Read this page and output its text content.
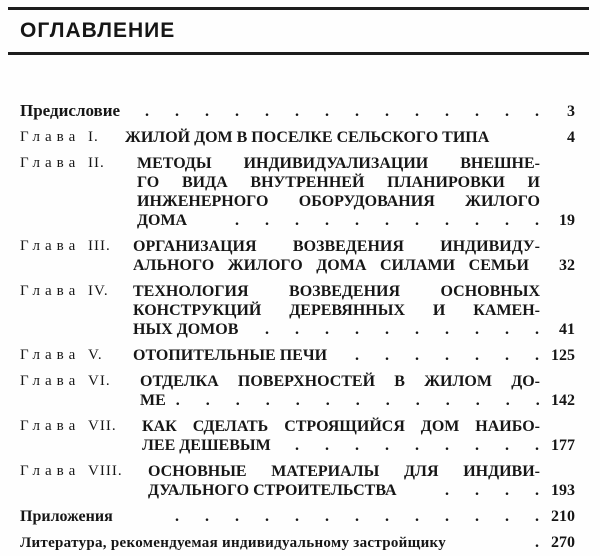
ОГЛАВЛЕНИЕ
Предисловие	. . . . . . . . . . . . . .	3
Глава I. ЖИЛОЙ ДОМ В ПОСЕЛКЕ СЕЛЬСКОГО ТИПА	4
Глава II. МЕТОДЫ ИНДИВИДУАЛИЗАЦИИ ВНЕШНЕ-
ГО ВИДА ВНУТРЕННЕЙ ПЛАНИРОВКИ И
ИНЖЕНЕРНОГО ОБОРУДОВАНИЯ ЖИЛОГО
ДОМА	. . . . . . . . . . .	19
Глава III. ОРГАНИЗАЦИЯ ВОЗВЕДЕНИЯ ИНДИВИДУ-
АЛЬНОГО ЖИЛОГО ДОМА СИЛАМИ СЕМЬИ	32
Глава IV. ТЕХНОЛОГИЯ ВОЗВЕДЕНИЯ ОСНОВНЫХ
КОНСТРУКЦИЙ ДЕРЕВЯННЫХ И КАМЕН-
НЫХ ДОМОВ	. . . . . . . . . .	41
Глава V. ОТОПИТЕЛЬНЫЕ ПЕЧИ	. . . . . . . 125
Глава VI. ОТДЕЛКА ПОВЕРХНОСТЕЙ В ЖИЛОМ ДО-
МЕ . . . . . . . . . . . . . 142
Глава VII. КАК СДЕЛАТЬ СТРОЯЩИЙСЯ ДОМ НАИБО-
ЛЕЕ ДЕШЕВЫМ	. . . . . . . . . 177
Глава VIII. ОСНОВНЫЕ МАТЕРИАЛЫ ДЛЯ ИНДИВИ-
ДУАЛЬНОГО СТРОИТЕЛЬСТВА	. . . . 193
Приложения	. . . . . . . . . . . . . 210
Литература, рекомендуемая индивидуальному застройщику	. 270
